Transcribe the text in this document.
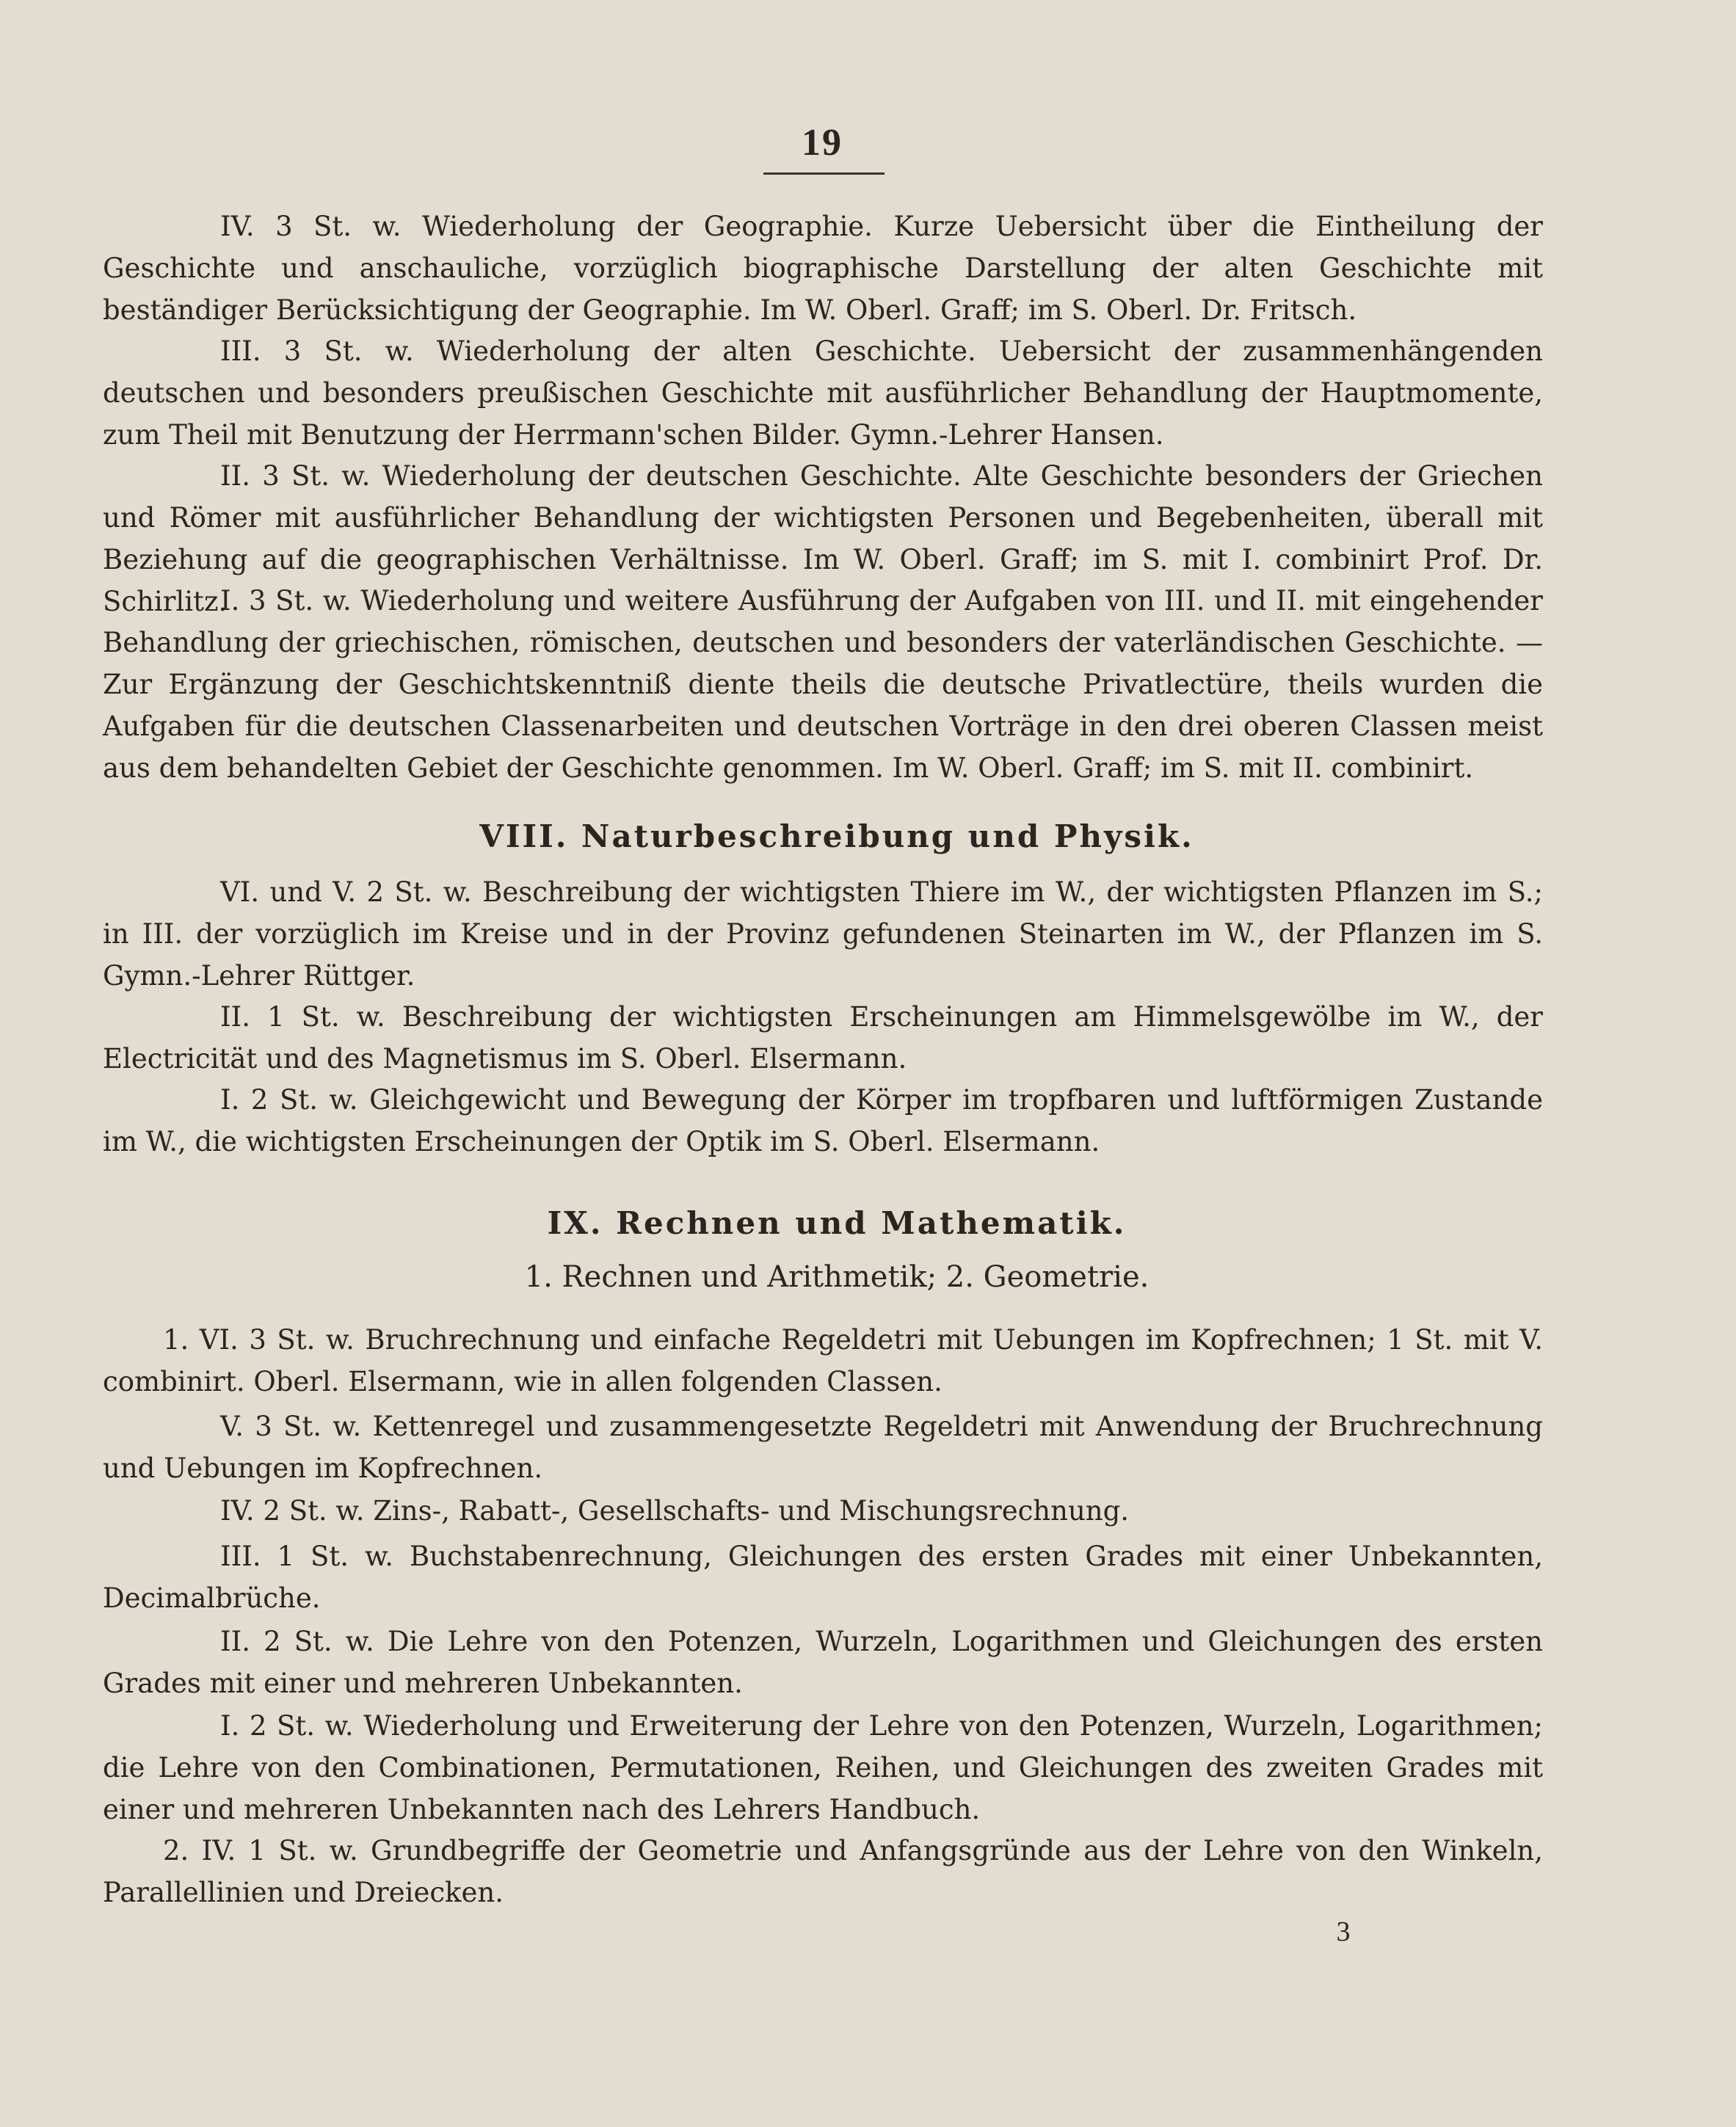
19

IV. 3 St. w. Wiederholung der Geographie. Kurze Uebersicht über die Eintheilung der Geschichte und anschauliche, vorzüglich biographische Darstellung der alten Geschichte mit beständiger Berücksichtigung der Geographie. Im W. Oberl. Graff; im S. Oberl. Dr. Fritsch.

III. 3 St. w. Wiederholung der alten Geschichte. Uebersicht der zusammenhängenden deutschen und besonders preußischen Geschichte mit ausführlicher Behandlung der Hauptmomente, zum Theil mit Benutzung der Herrmann'schen Bilder. Gymn.-Lehrer Hansen.

II. 3 St. w. Wiederholung der deutschen Geschichte. Alte Geschichte besonders der Griechen und Römer mit ausführlicher Behandlung der wichtigsten Personen und Begebenheiten, überall mit Beziehung auf die geographischen Verhältnisse. Im W. Oberl. Graff; im S. mit I. combinirt Prof. Dr. Schirlitz.

I. 3 St. w. Wiederholung und weitere Ausführung der Aufgaben von III. und II. mit eingehender Behandlung der griechischen, römischen, deutschen und besonders der vaterländischen Geschichte. — Zur Ergänzung der Geschichtskenntniß diente theils die deutsche Privatlectüre, theils wurden die Aufgaben für die deutschen Classenarbeiten und deutschen Vorträge in den drei oberen Classen meist aus dem behandelten Gebiet der Geschichte genommen. Im W. Oberl. Graff; im S. mit II. combinirt.

VIII. Naturbeschreibung und Physik.

VI. und V. 2 St. w. Beschreibung der wichtigsten Thiere im W., der wichtigsten Pflanzen im S.; in III. der vorzüglich im Kreise und in der Provinz gefundenen Steinarten im W., der Pflanzen im S. Gymn.-Lehrer Rüttger.

II. 1 St. w. Beschreibung der wichtigsten Erscheinungen am Himmelsgewölbe im W., der Electricität und des Magnetismus im S. Oberl. Elsermann.

I. 2 St. w. Gleichgewicht und Bewegung der Körper im tropfbaren und luftförmigen Zustande im W., die wichtigsten Erscheinungen der Optik im S. Oberl. Elsermann.

IX. Rechnen und Mathematik.
1. Rechnen und Arithmetik; 2. Geometrie.

1. VI. 3 St. w. Bruchrechnung und einfache Regeldetri mit Uebungen im Kopfrechnen; 1 St. mit V. combinirt. Oberl. Elsermann, wie in allen folgenden Classen.

V. 3 St. w. Kettenregel und zusammengesetzte Regeldetri mit Anwendung der Bruchrechnung und Uebungen im Kopfrechnen.

IV. 2 St. w. Zins-, Rabatt-, Gesellschafts- und Mischungsrechnung.

III. 1 St. w. Buchstabenrechnung, Gleichungen des ersten Grades mit einer Unbekannten, Decimalbrüche.

II. 2 St. w. Die Lehre von den Potenzen, Wurzeln, Logarithmen und Gleichungen des ersten Grades mit einer und mehreren Unbekannten.

I. 2 St. w. Wiederholung und Erweiterung der Lehre von den Potenzen, Wurzeln, Logarithmen; die Lehre von den Combinationen, Permutationen, Reihen, und Gleichungen des zweiten Grades mit einer und mehreren Unbekannten nach des Lehrers Handbuch.

2. IV. 1 St. w. Grundbegriffe der Geometrie und Anfangsgründe aus der Lehre von den Winkeln, Parallellinien und Dreiecken.

3
